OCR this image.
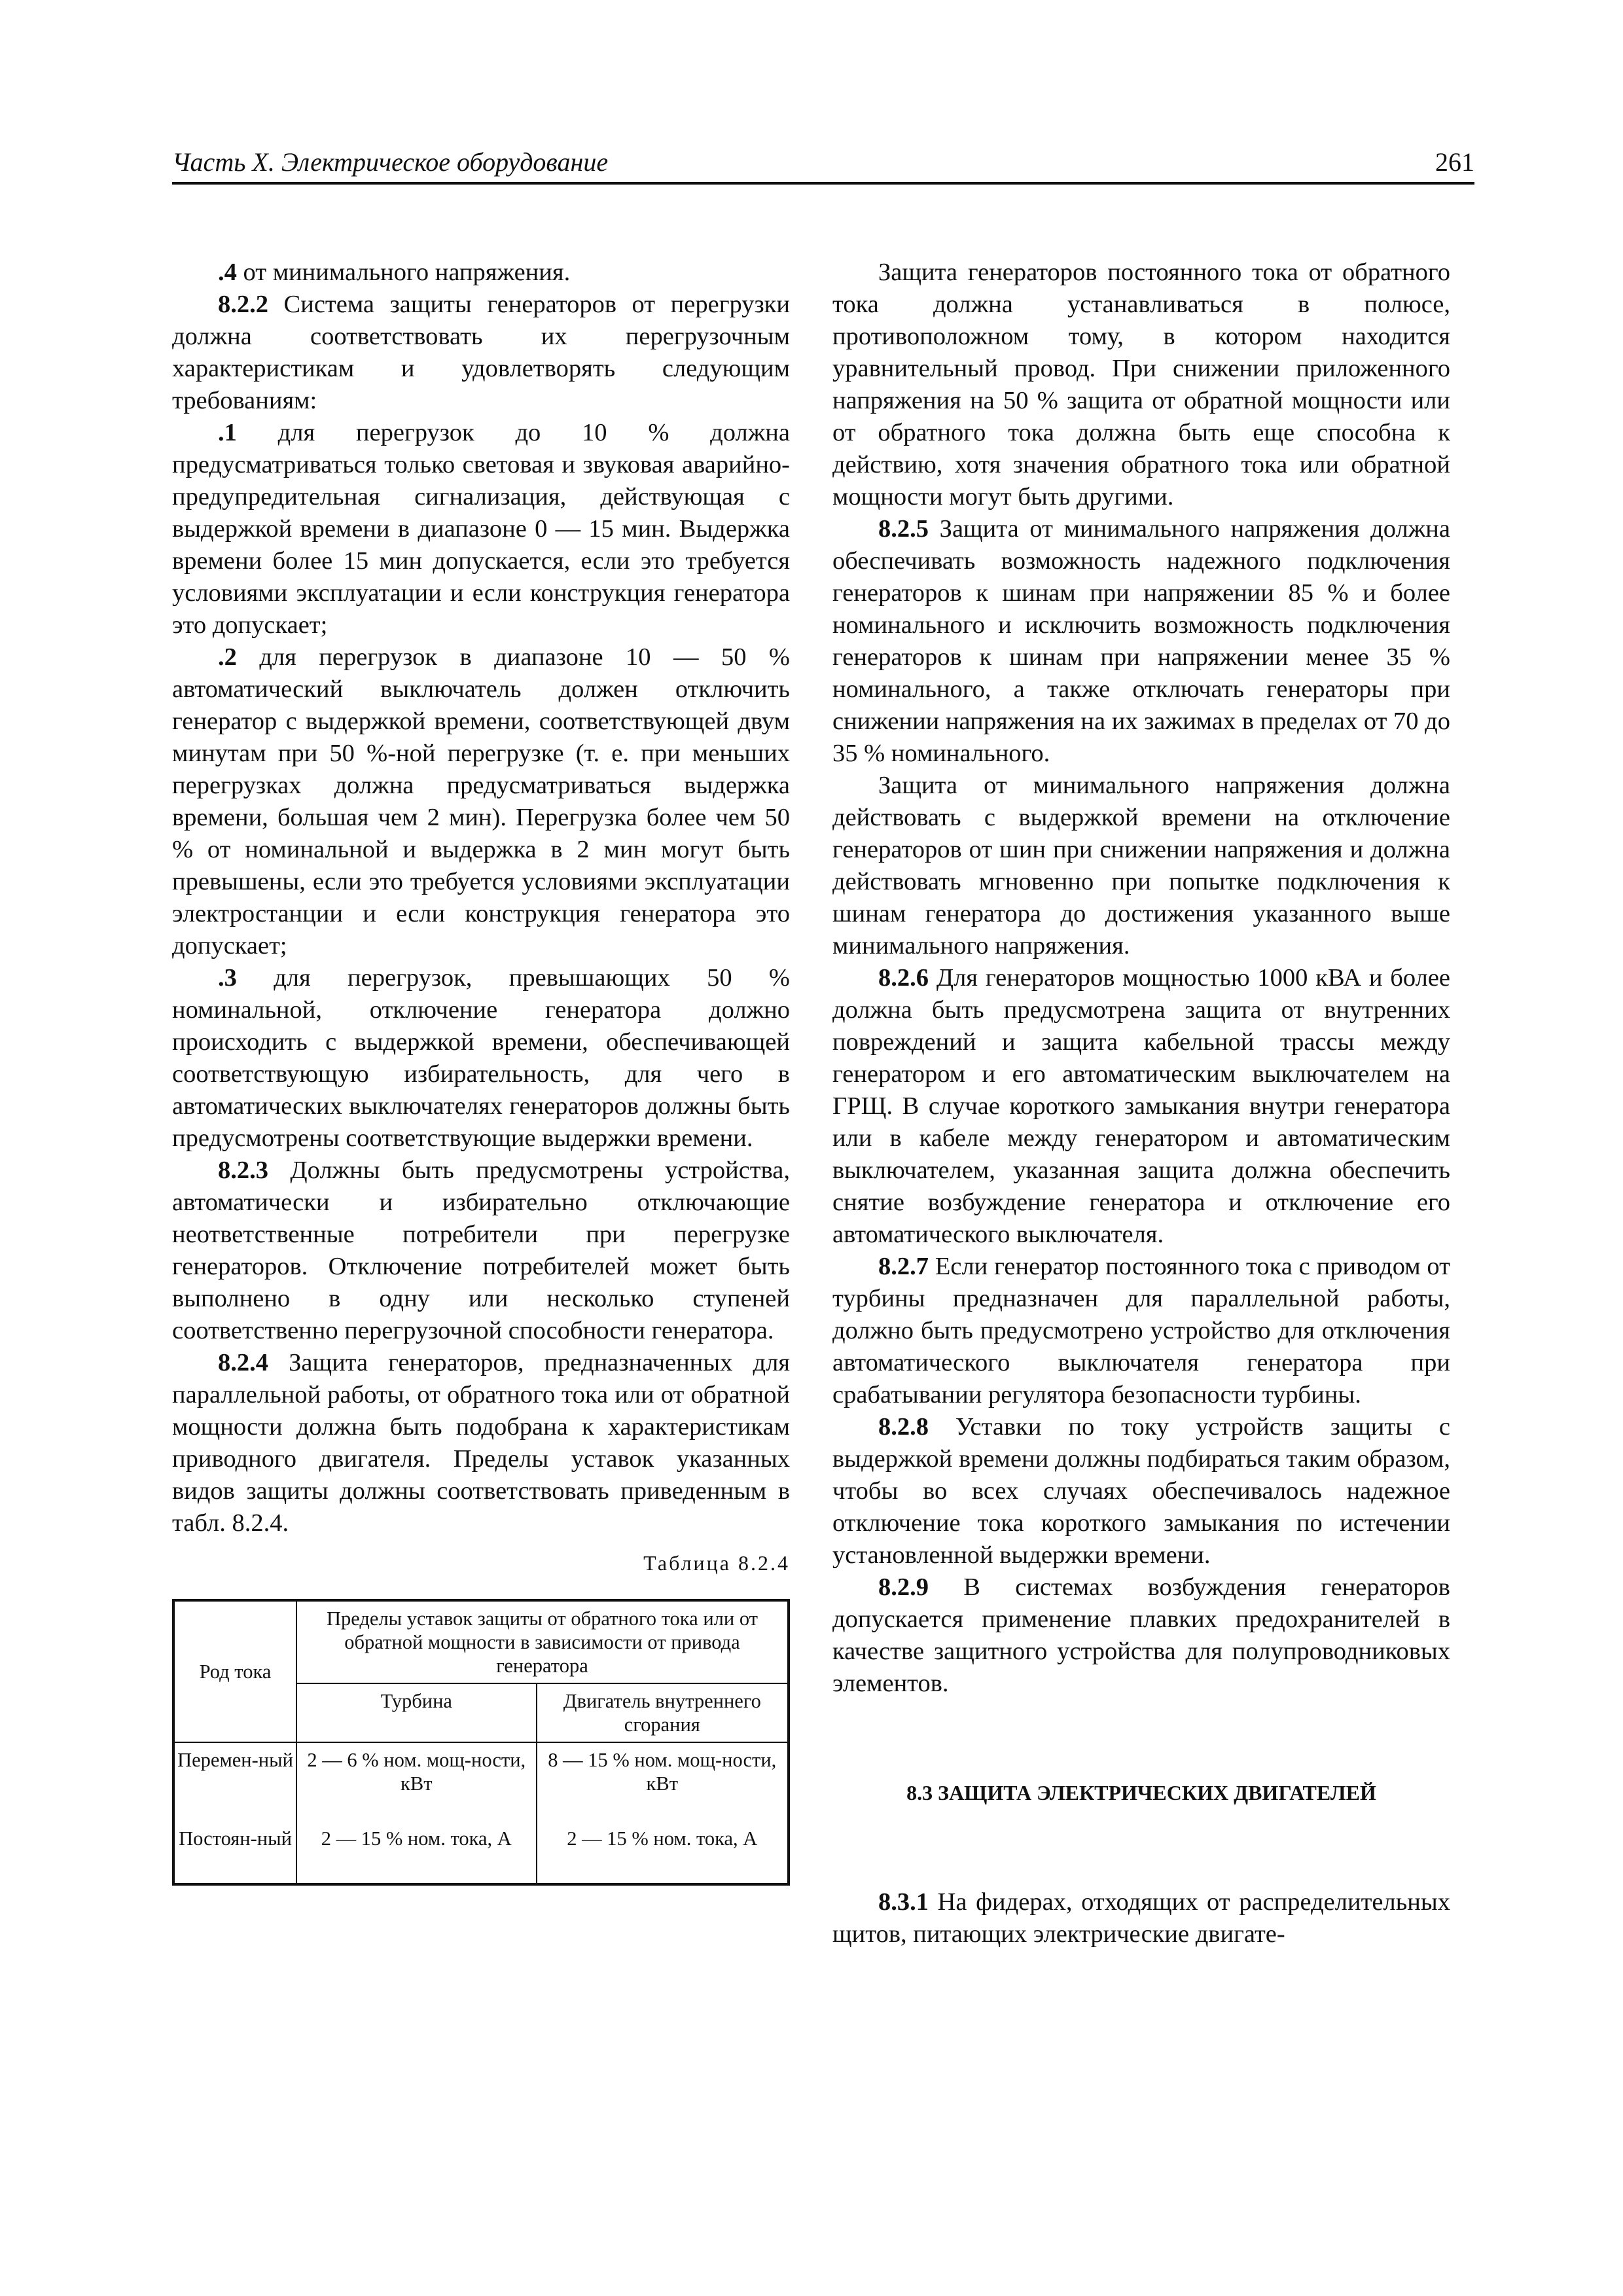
Часть X. Электрическое оборудование	261

.4 от минимального напряжения.

8.2.2 Система защиты генераторов от перегрузки должна соответствовать их перегрузочным характеристикам и удовлетворять следующим требованиям:

.1 для перегрузок до 10 % должна предусматриваться только световая и звуковая аварийно-предупредительная сигнализация, действующая с выдержкой времени в диапазоне 0 — 15 мин. Выдержка времени более 15 мин допускается, если это требуется условиями эксплуатации и если конструкция генератора это допускает;

.2 для перегрузок в диапазоне 10 — 50 % автоматический выключатель должен отключить генератор с выдержкой времени, соответствующей двум минутам при 50 %-ной перегрузке (т. е. при меньших перегрузках должна предусматриваться выдержка времени, большая чем 2 мин). Перегрузка более чем 50 % от номинальной и выдержка в 2 мин могут быть превышены, если это требуется условиями эксплуатации электростанции и если конструкция генератора это допускает;

.3 для перегрузок, превышающих 50 % номинальной, отключение генератора должно происходить с выдержкой времени, обеспечивающей соответствующую избирательность, для чего в автоматических выключателях генераторов должны быть предусмотрены соответствующие выдержки времени.

8.2.3 Должны быть предусмотрены устройства, автоматически и избирательно отключающие неответственные потребители при перегрузке генераторов. Отключение потребителей может быть выполнено в одну или несколько ступеней соответственно перегрузочной способности генератора.

8.2.4 Защита генераторов, предназначенных для параллельной работы, от обратного тока или от обратной мощности должна быть подобрана к характеристикам приводного двигателя. Пределы уставок указанных видов защиты должны соответствовать приведенным в табл. 8.2.4.

Таблица 8.2.4
Род тока	Пределы уставок защиты от обратного тока или от обратной мощности в зависимости от привода генератора	
	Турбина	Двигатель внутреннего сгорания
Перемен-ный	2 — 6 % ном. мощ-ности, кВт	8 — 15 % ном. мощ-ности, кВт
Постоян-ный	2 — 15 % ном. тока, А	2 — 15 % ном. тока, А

Защита генераторов постоянного тока от обратного тока должна устанавливаться в полюсе, противоположном тому, в котором находится уравнительный провод. При снижении приложенного напряжения на 50 % защита от обратной мощности или от обратного тока должна быть еще способна к действию, хотя значения обратного тока или обратной мощности могут быть другими.

8.2.5 Защита от минимального напряжения должна обеспечивать возможность надежного подключения генераторов к шинам при напряжении 85 % и более номинального и исключить возможность подключения генераторов к шинам при напряжении менее 35 % номинального, а также отключать генераторы при снижении напряжения на их зажимах в пределах от 70 до 35 % номинального.

Защита от минимального напряжения должна действовать с выдержкой времени на отключение генераторов от шин при снижении напряжения и должна действовать мгновенно при попытке подключения к шинам генератора до достижения указанного выше минимального напряжения.

8.2.6 Для генераторов мощностью 1000 кВА и более должна быть предусмотрена защита от внутренних повреждений и защита кабельной трассы между генератором и его автоматическим выключателем на ГРЩ. В случае короткого замыкания внутри генератора или в кабеле между генератором и автоматическим выключателем, указанная защита должна обеспечить снятие возбуждение генератора и отключение его автоматического выключателя.

8.2.7 Если генератор постоянного тока с приводом от турбины предназначен для параллельной работы, должно быть предусмотрено устройство для отключения автоматического выключателя генератора при срабатывании регулятора безопасности турбины.

8.2.8 Уставки по току устройств защиты с выдержкой времени должны подбираться таким образом, чтобы во всех случаях обеспечивалось надежное отключение тока короткого замыкания по истечении установленной выдержки времени.

8.2.9 В системах возбуждения генераторов допускается применение плавких предохранителей в качестве защитного устройства для полупроводниковых элементов.

8.3 ЗАЩИТА ЭЛЕКТРИЧЕСКИХ ДВИГАТЕЛЕЙ

8.3.1 На фидерах, отходящих от распределительных щитов, питающих электрические двигате-
